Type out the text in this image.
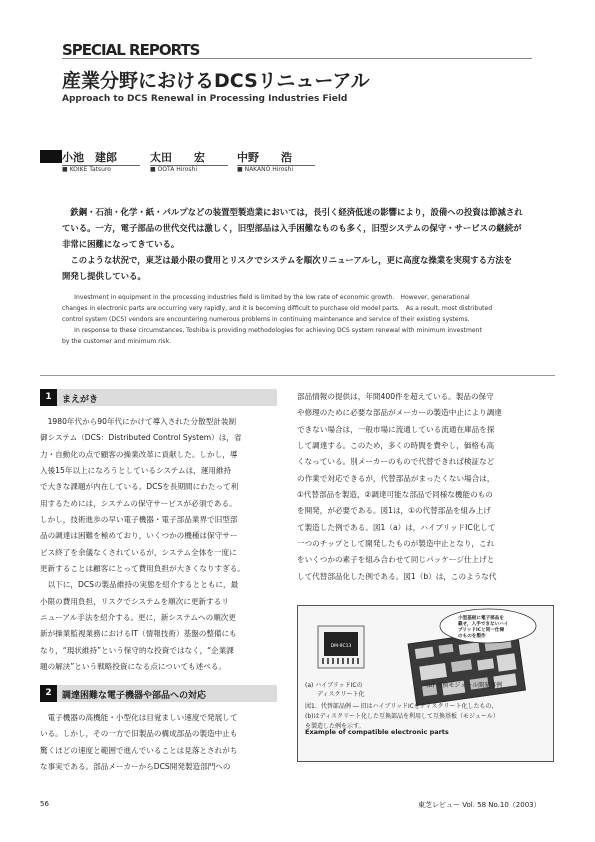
SPECIAL REPORTS
産業分野におけるDCSリニューアル
Approach to DCS Renewal in Processing Industries Field
小池　建郎	太田　　宏	中野　　浩
■ KOIKE Tatsuro	■ OOTA Hiroshi	■ NAKANO Hiroshi
　鉄鋼・石油・化学・紙・パルプなどの装置型製造業においては，長引く経済低迷の影響により，設備への投資は節減され
ている。一方，電子部品の世代交代は激しく，旧型部品は入手困難なものも多く，旧型システムの保守・サービスの継続が
非常に困難になってきている。
　このような状況で，東芝は最小限の費用とリスクでシステムを順次リニューアルし，更に高度な操業を実現する方法を
開発し提供している。
　　Investment in equipment in the processing industries field is limited by the low rate of economic growth.　However, generational
changes in electronic parts are occurring very rapidly, and it is becoming difficult to purchase old model parts.　As a result, most distributed
control system (DCS) vendors are encountering numerous problems in continuing maintenance and service of their existing systems.
　　In response to these circumstances, Toshiba is providing methodologies for achieving DCS system renewal with minimum investment
by the customer and minimum risk.
1	まえがき
　1980年代から90年代にかけて導入された分散型計装制
御システム（DCS：Distributed Control System）は，省
力・自動化の点で顧客の操業改革に貢献した。しかし，導
入後15年以上になろうとしているシステムは，運用維持
で大きな課題が内在している。DCSを長期間にわたって利
用するためには，システムの保守サービスが必須である。
しかし，技術進歩の早い電子機器・電子部品業界で旧型部
品の調達は困難を極めており，いくつかの機種は保守サー
ビス終了を余儀なくされているが，システム全体を一度に
更新することは顧客にとって費用負担が大きくなりすぎる。
　以下に，DCSの製品維持の実態を紹介するとともに，最
小限の費用負担，リスクでシステムを順次に更新するリ
ニューアル手法を紹介する。更に，新システムへの順次更
新が操業監視業務におけるIT（情報技術）基盤の整備にも
なり，“現状維持”という保守的な投資ではなく，“企業課
題の解決”という戦略投資になる点についても述べる。
2	調達困難な電子機器や部品への対応
　電子機器の高機能・小型化は目覚ましい速度で発展して
いる。しかし，その一方で旧製品の構成部品の製造中止も
驚くほどの速度と範囲で進んでいることは見落とされがち
な事実である。部品メーカーからDCS開発製造部門への
部品情報の提供は，年間400件を超えている。製品の保守
や修理のために必要な部品がメーカーの製造中止により調達
できない場合は，一般市場に流通している流通在庫品を探
して調達する。このため，多くの時間を費やし，価格も高
くなっている。別メーカーのもので代替できれば検証など
の作業で対応できるが，代替部品がまったくない場合は，
①代替部品を製造，②調達可能な部品で同様な機能のもの
を開発，が必要である。図1は，①の代替部品を組み上げ
て製造した例である。図1（a）は，ハイブリッドIC化して
一つのチップとして開発したものが製造中止となり，これ
をいくつかの素子を組み合わせて同じパッケージ仕上げと
して代替部品化した例である。図1（b）は，このような代
DM-9C13
小型基板に電子部品を 載せ，入手できないハイ ブリッドICと同一仕様 のものを製作
(a) ハイブリッドICの
　　ディスクリート化
(b) 互換モジュール開発事例
図1．代替部品例 ― 旧はハイブリッドICをディスクリート化したもの,
(b)はディスクリート化した互換部品を利用して互換基板（モジュール）
を製造した例を示す。
Example of compatible electronic parts
56	東芝レビュー Vol. 58 No.10（2003）
